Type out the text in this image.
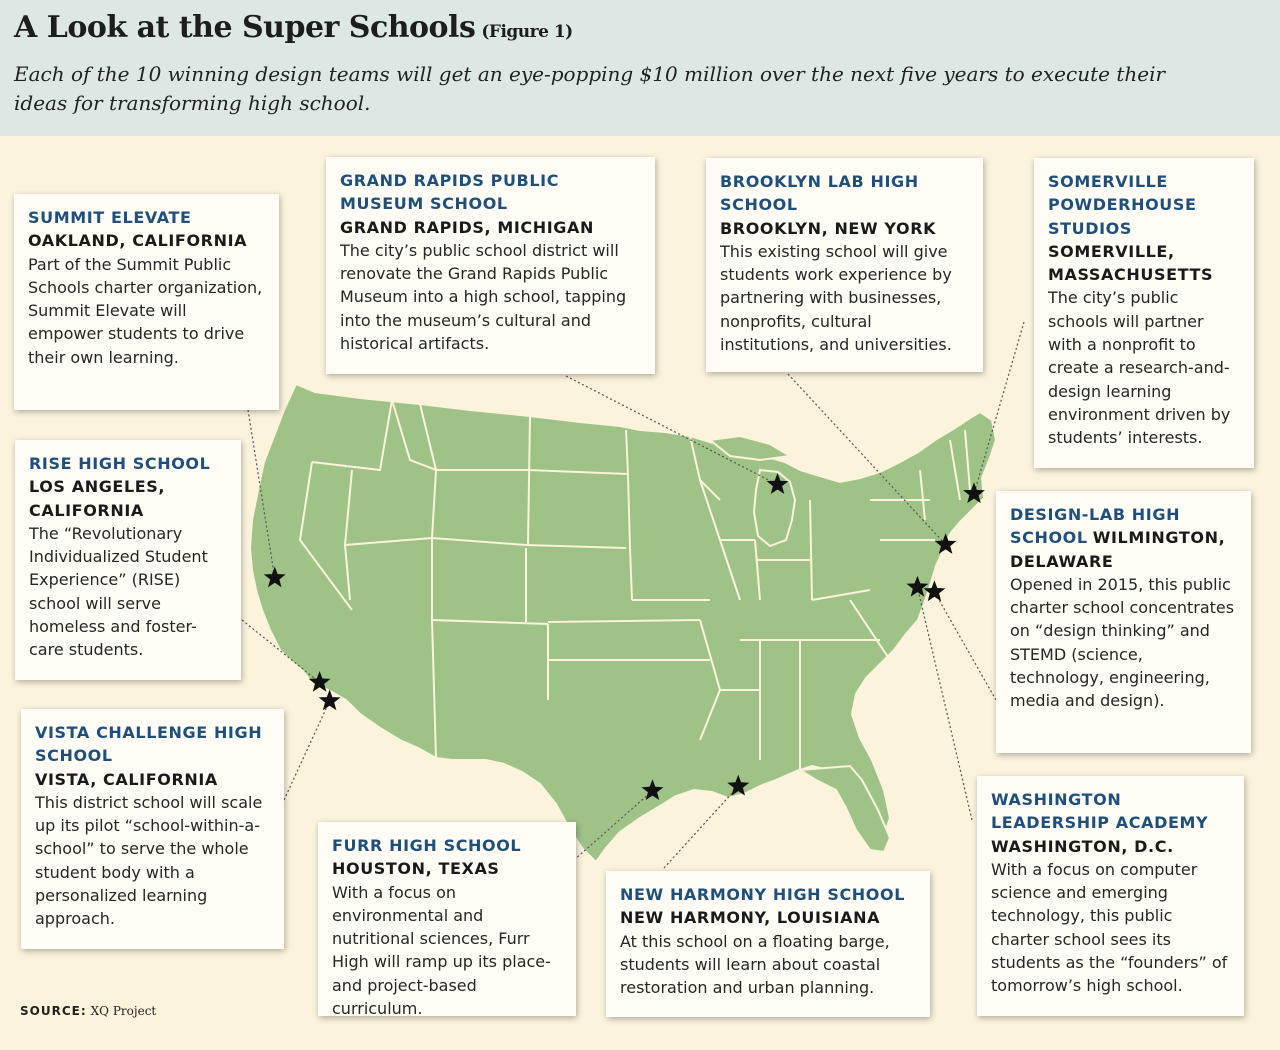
A Look at the Super Schools (Figure 1)
Each of the 10 winning design teams will get an eye-popping $10 million over the next five years to execute their ideas for transforming high school.
SUMMIT ELEVATE
OAKLAND, CALIFORNIA
Part of the Summit Public Schools charter organization, Summit Elevate will empower students to drive their own learning.
RISE HIGH SCHOOL
LOS ANGELES, CALIFORNIA
The “Revolutionary Individualized Student Experience” (RISE) school will serve homeless and foster-care students.
VISTA CHALLENGE HIGH SCHOOL
VISTA, CALIFORNIA
This district school will scale up its pilot “school-within-a-school” to serve the whole student body with a personalized learning approach.
GRAND RAPIDS PUBLIC MUSEUM SCHOOL
GRAND RAPIDS, MICHIGAN
The city’s public school district will renovate the Grand Rapids Public Museum into a high school, tapping into the museum’s cultural and historical artifacts.
BROOKLYN LAB HIGH SCHOOL
BROOKLYN, NEW YORK
This existing school will give students work experience by partnering with businesses, nonprofits, cultural institutions, and universities.
SOMERVILLE POWDERHOUSE STUDIOS
SOMERVILLE, MASSACHUSETTS
The city’s public schools will partner with a nonprofit to create a research-and-design learning environment driven by students’ interests.
DESIGN-LAB HIGH SCHOOL WILMINGTON, DELAWARE
Opened in 2015, this public charter school concentrates on “design thinking” and STEMD (science, technology, engineering, media and design).
WASHINGTON LEADERSHIP ACADEMY
WASHINGTON, D.C.
With a focus on computer science and emerging technology, this public charter school sees its students as the “founders” of tomorrow’s high school.
FURR HIGH SCHOOL
HOUSTON, TEXAS
With a focus on environmental and nutritional sciences, Furr High will ramp up its place- and project-based curriculum.
NEW HARMONY HIGH SCHOOL
NEW HARMONY, LOUISIANA
At this school on a floating barge, students will learn about coastal restoration and urban planning.
SOURCE: XQ Project
